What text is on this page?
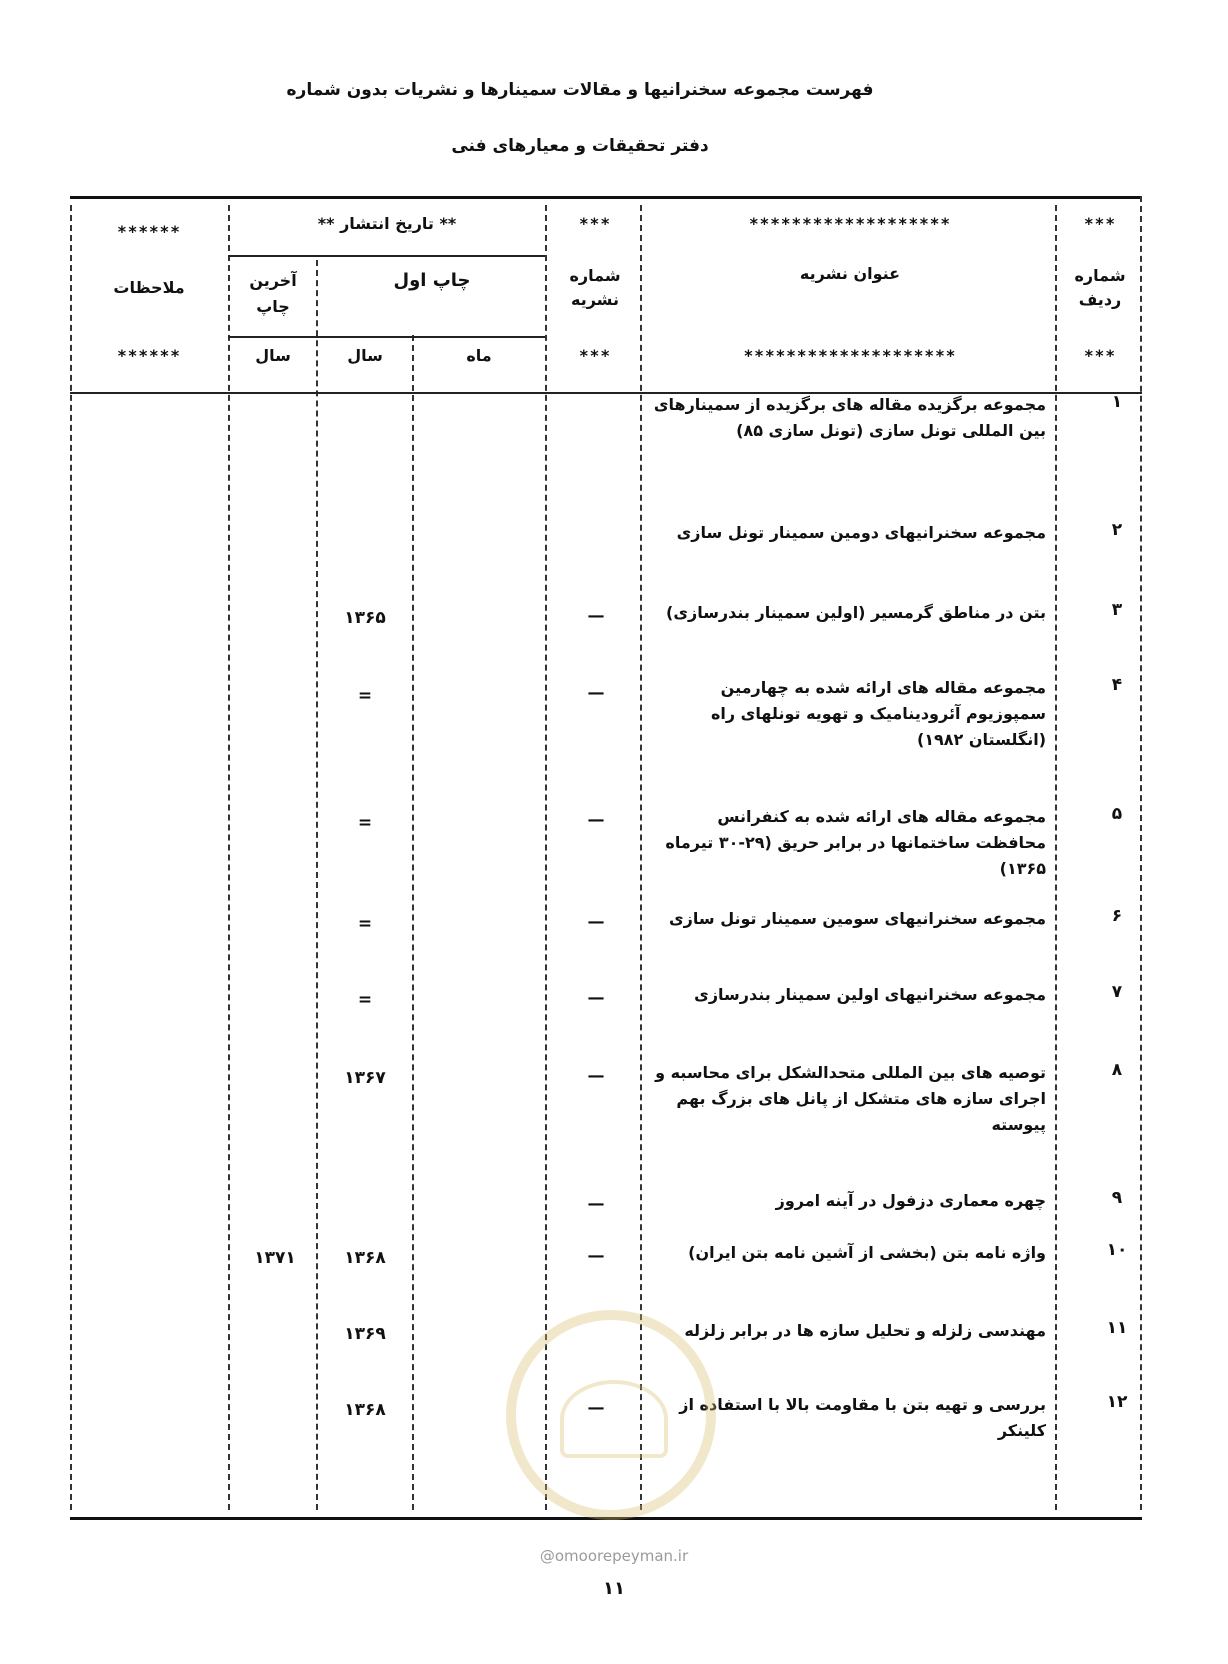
فهرست مجموعه سخنرانیها و مقالات سمینارها و نشریات بدون شماره
دفتر تحقیقات و معیارهای فنی
***
*******************
***
** تاریخ انتشار **
******
شماره ردیف
عنوان نشریه
شماره نشریه
چاپ اول
آخرین چاپ
ملاحظات
***
********************
***
ماه
سال
سال
******
۱
مجموعه برگزیده مقاله های برگزیده از سمینارهای بین المللی تونل سازی (تونل سازی ۸۵)
۲
مجموعه سخنرانیهای دومین سمینار تونل سازی
۳
بتن در مناطق گرمسیر (اولین سمینار بندرسازی)
—
۱۳۶۵
۴
مجموعه مقاله های ارائه شده به چهارمین سمپوزیوم آئرودینامیک و تهویه تونلهای راه (انگلستان ۱۹۸۲)
—
=
۵
مجموعه مقاله های ارائه شده به کنفرانس محافظت ساختمانها در برابر حریق (۲۹-۳۰ تیرماه ۱۳۶۵)
—
=
۶
مجموعه سخنرانیهای سومین سمینار تونل سازی
—
=
۷
مجموعه سخنرانیهای اولین سمینار بندرسازی
—
=
۸
توصیه های بین المللی متحدالشکل برای محاسبه و اجرای سازه های متشکل از پانل های بزرگ بهم پیوسته
—
۱۳۶۷
۹
چهره معماری دزفول در آینه امروز
—
۱۰
واژه نامه بتن (بخشی از آشین نامه بتن ایران)
—
۱۳۶۸
۱۳۷۱
۱۱
مهندسی زلزله و تحلیل سازه ها در برابر زلزله
۱۳۶۹
۱۲
بررسی و تهیه بتن با مقاومت بالا با استفاده از کلینکر
—
۱۳۶۸
@omoorepeyman.ir
۱۱
